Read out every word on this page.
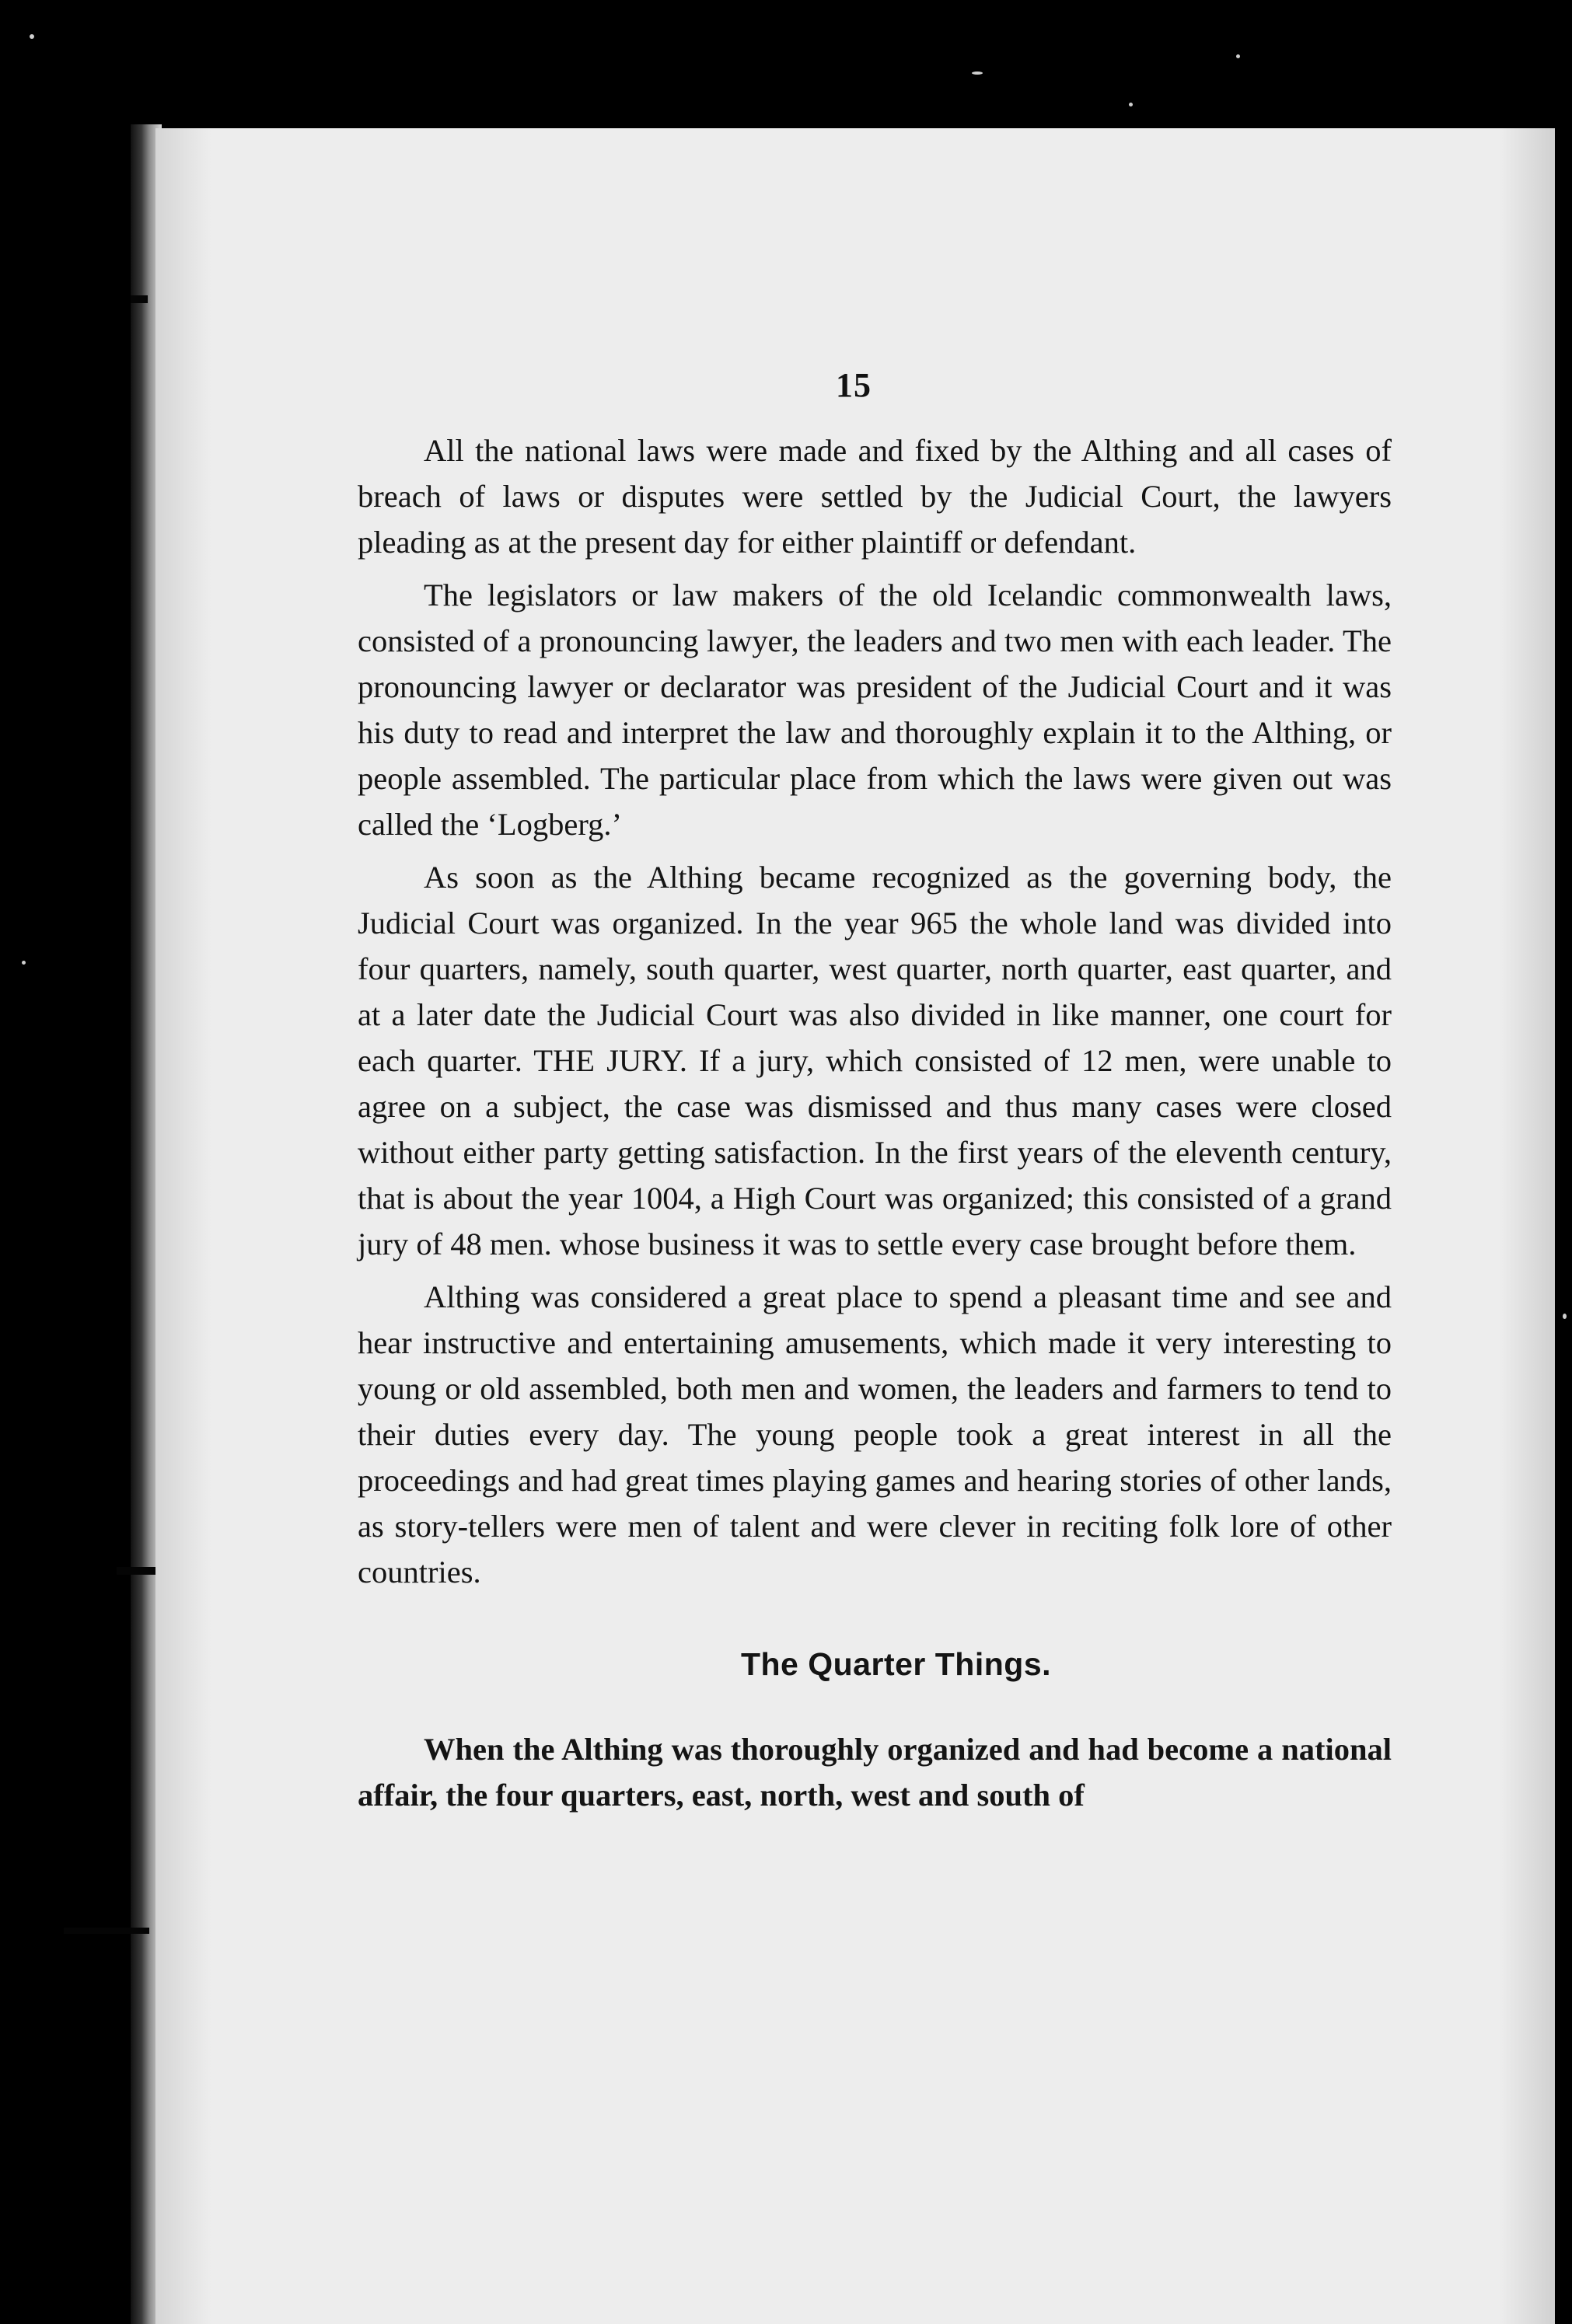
15

All the national laws were made and fixed by the Althing and all cases of breach of laws or disputes were settled by the Judicial Court, the lawyers pleading as at the present day for either plaintiff or defendant.

The legislators or law makers of the old Icelandic commonwealth laws, consisted of a pronouncing lawyer, the leaders and two men with each leader. The pronouncing lawyer or declarator was president of the Judicial Court and it was his duty to read and interpret the law and thoroughly explain it to the Althing, or people assembled. The particular place from which the laws were given out was called the ‘Logberg.’

As soon as the Althing became recognized as the governing body, the Judicial Court was organized. In the year 965 the whole land was divided into four quarters, namely, south quarter, west quarter, north quarter, east quarter, and at a later date the Judicial Court was also divided in like manner, one court for each quarter. THE JURY. If a jury, which consisted of 12 men, were unable to agree on a subject, the case was dismissed and thus many cases were closed without either party getting satisfaction. In the first years of the eleventh century, that is about the year 1004, a High Court was organized; this consisted of a grand jury of 48 men. whose business it was to settle every case brought before them.

Althing was considered a great place to spend a pleasant time and see and hear instructive and entertaining amusements, which made it very interesting to young or old assembled, both men and women, the leaders and farmers to tend to their duties every day. The young people took a great interest in all the proceedings and had great times playing games and hearing stories of other lands, as story-tellers were men of talent and were clever in reciting folk lore of other countries.

The Quarter Things.

When the Althing was thoroughly organized and had become a national affair, the four quarters, east, north, west and south of
